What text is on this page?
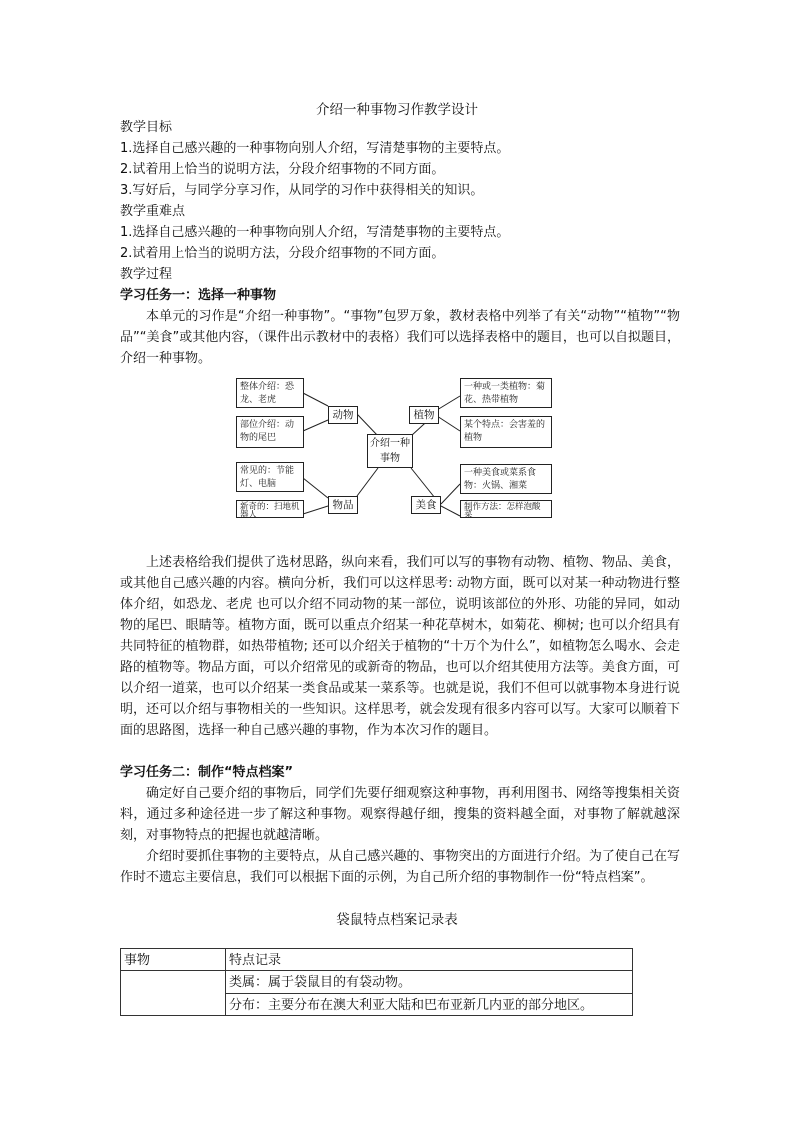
介绍一种事物习作教学设计
教学目标
1.选择自己感兴趣的一种事物向别人介绍，写清楚事物的主要特点。
2.试着用上恰当的说明方法，分段介绍事物的不同方面。
3.写好后，与同学分享习作，从同学的习作中获得相关的知识。
教学重难点
1.选择自己感兴趣的一种事物向别人介绍，写清楚事物的主要特点。
2.试着用上恰当的说明方法，分段介绍事物的不同方面。
教学过程
学习任务一：选择一种事物
本单元的习作是“介绍一种事物”。“事物”包罗万象，教材表格中列举了有关“动物”“植物”“物品”“美食”或其他内容，（课件出示教材中的表格）我们可以选择表格中的题目，也可以自拟题目，介绍一种事物。
整体介绍：恐龙、老虎
部位介绍：动物的尾巴
动物	植物
介绍一种事物
一种或一类植物：菊花、热带植物
某个特点：会害羞的植物
常见的：节能灯、电脑
新奇的：扫地机器人
物品	美食
一种美食或菜系食物：火锅、湘菜
制作方法：怎样泡酸菜
上述表格给我们提供了选材思路，纵向来看，我们可以写的事物有动物、植物、物品、美食，或其他自己感兴趣的内容。横向分析，我们可以这样思考: 动物方面，既可以对某一种动物进行整体介绍，如恐龙、老虎 也可以介绍不同动物的某一部位，说明该部位的外形、功能的异同，如动物的尾巴、眼睛等。植物方面，既可以重点介绍某一种花草树木，如菊花、柳树; 也可以介绍具有共同特征的植物群，如热带植物; 还可以介绍关于植物的“十万个为什么”，如植物怎么喝水、会走路的植物等。物品方面，可以介绍常见的或新奇的物品，也可以介绍其使用方法等。美食方面，可以介绍一道菜，也可以介绍某一类食品或某一菜系等。也就是说，我们不但可以就事物本身进行说明，还可以介绍与事物相关的一些知识。这样思考，就会发现有很多内容可以写。大家可以顺着下面的思路图，选择一种自己感兴趣的事物，作为本次习作的题目。
学习任务二：制作“特点档案”
确定好自己要介绍的事物后，同学们先要仔细观察这种事物，再利用图书、网络等搜集相关资料，通过多种途径进一步了解这种事物。观察得越仔细，搜集的资料越全面，对事物了解就越深刻，对事物特点的把握也就越清晰。
介绍时要抓住事物的主要特点，从自己感兴趣的、事物突出的方面进行介绍。为了使自己在写作时不遗忘主要信息，我们可以根据下面的示例，为自己所介绍的事物制作一份“特点档案”。
袋鼠特点档案记录表
事物	特点记录
	类属：属于袋鼠目的有袋动物。
	分布：主要分布在澳大利亚大陆和巴布亚新几内亚的部分地区。
